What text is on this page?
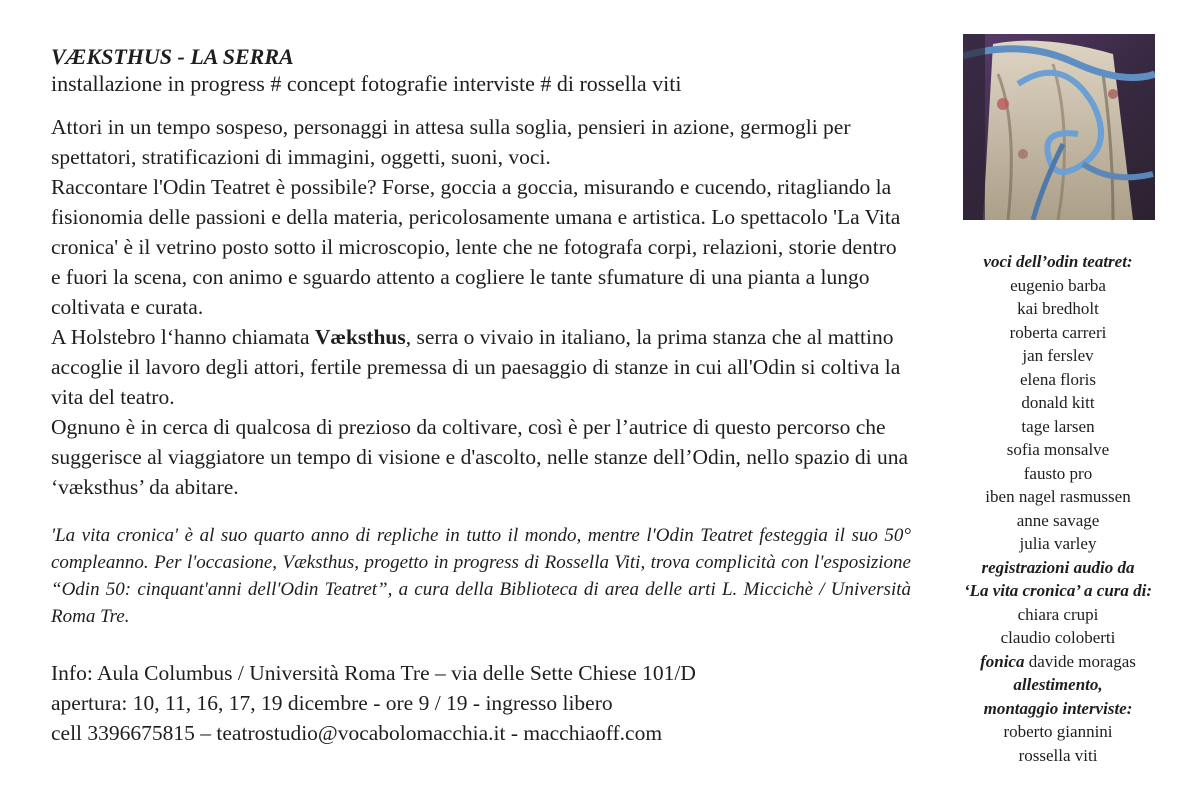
VÆKSTHUS - LA SERRA
installazione in progress # concept fotografie interviste # di rossella viti

Attori in un tempo sospeso, personaggi in attesa sulla soglia, pensieri in azione, germogli per spettatori, stratificazioni di immagini, oggetti, suoni, voci.

Raccontare l'Odin Teatret è possibile? Forse, goccia a goccia, misurando e cucendo, ritagliando la fisionomia delle passioni e della materia, pericolosamente umana e artistica. Lo spettacolo 'La Vita cronica' è il vetrino posto sotto il microscopio, lente che ne fotografa corpi, relazioni, storie dentro e fuori la scena, con animo e sguardo attento a cogliere le tante sfumature di una pianta a lungo coltivata e curata.

A Holstebro l‘hanno chiamata Væksthus, serra o vivaio in italiano, la prima stanza che al mattino accoglie il lavoro degli attori, fertile premessa di un paesaggio di stanze in cui all'Odin si coltiva la vita del teatro.

Ognuno è in cerca di qualcosa di prezioso da coltivare, così è per l’autrice di questo percorso che suggerisce al viaggiatore un tempo di visione e d'ascolto, nelle stanze dell’Odin, nello spazio di una ‘væksthus’ da abitare.

'La vita cronica' è al suo quarto anno di repliche in tutto il mondo, mentre l'Odin Teatret festeggia il suo 50° compleanno. Per l'occasione, Væksthus, progetto in progress di Rossella Viti, trova complicità con l'esposizione “Odin 50: cinquant'anni dell'Odin Teatret”, a cura della Biblioteca di area delle arti L. Miccichè / Università Roma Tre.

Info: Aula Columbus / Università Roma Tre – via delle Sette Chiese 101/D
apertura: 10, 11, 16, 17, 19 dicembre - ore 9 / 19 - ingresso libero
cell 3396675815 – teatrostudio@vocabolomacchia.it - macchiaoff.com
voci dell’odin teatret:
eugenio barba
kai bredholt
roberta carreri
jan ferslev
elena floris
donald kitt
tage larsen
sofia monsalve
fausto pro
iben nagel rasmussen
anne savage
julia varley
registrazioni audio da
‘La vita cronica’ a cura di:
chiara crupi
claudio coloberti
fonica davide moragas
allestimento,
montaggio interviste:
roberto giannini
rossella viti
